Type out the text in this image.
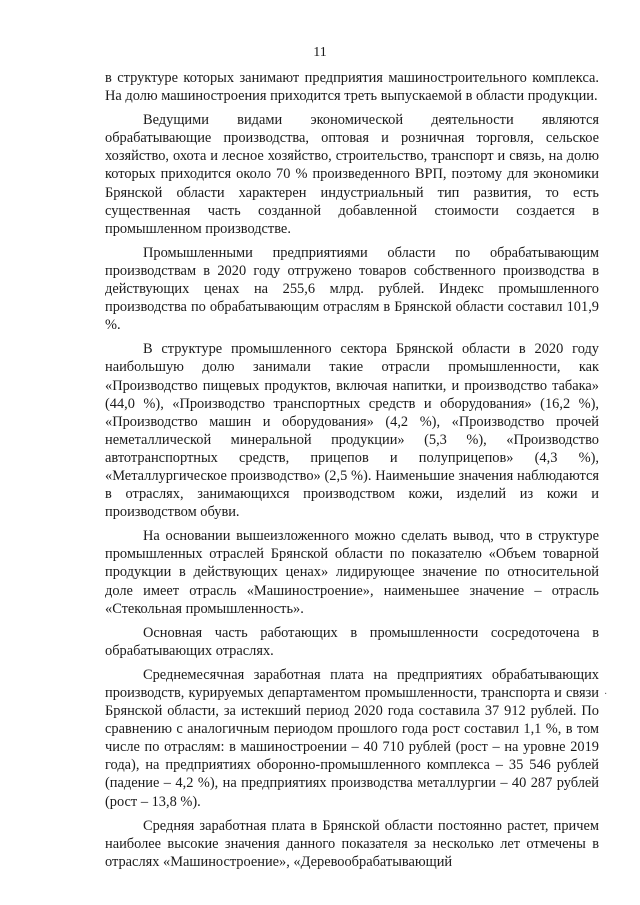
11

в структуре которых занимают предприятия машиностроительного комплекса. На долю машиностроения приходится треть выпускаемой в области продукции.

Ведущими видами экономической деятельности являются обрабатывающие производства, оптовая и розничная торговля, сельское хозяйство, охота и лесное хозяйство, строительство, транспорт и связь, на долю которых приходится около 70 % произведенного ВРП, поэтому для экономики Брянской области характерен индустриальный тип развития, то есть существенная часть созданной добавленной стоимости создается в промышленном производстве.

Промышленными предприятиями области по обрабатывающим производствам в 2020 году отгружено товаров собственного производства в действующих ценах на 255,6 млрд. рублей. Индекс промышленного производства по обрабатывающим отраслям в Брянской области составил 101,9 %.

В структуре промышленного сектора Брянской области в 2020 году наибольшую долю занимали такие отрасли промышленности, как «Производство пищевых продуктов, включая напитки, и производство табака» (44,0 %), «Производство транспортных средств и оборудования» (16,2 %), «Производство машин и оборудования» (4,2 %), «Производство прочей неметаллической минеральной продукции» (5,3 %), «Производство автотранспортных средств, прицепов и полуприцепов» (4,3 %), «Металлургическое производство» (2,5 %). Наименьшие значения наблюдаются в отраслях, занимающихся производством кожи, изделий из кожи и производством обуви.

На основании вышеизложенного можно сделать вывод, что в структуре промышленных отраслей Брянской области по показателю «Объем товарной продукции в действующих ценах» лидирующее значение по относительной доле имеет отрасль «Машиностроение», наименьшее значение – отрасль «Стекольная промышленность».

Основная часть работающих в промышленности сосредоточена в обрабатывающих отраслях.

Среднемесячная заработная плата на предприятиях обрабатывающих производств, курируемых департаментом промышленности, транспорта и связи Брянской области, за истекший период 2020 года составила 37 912 рублей. По сравнению с аналогичным периодом прошлого года рост составил 1,1 %, в том числе по отраслям: в машиностроении – 40 710 рублей (рост – на уровне 2019 года), на предприятиях оборонно-промышленного комплекса – 35 546 рублей (падение – 4,2 %), на предприятиях производства металлургии – 40 287 рублей (рост – 13,8 %).

Средняя заработная плата в Брянской области постоянно растет, причем наиболее высокие значения данного показателя за несколько лет отмечены в отраслях «Машиностроение», «Деревообрабатывающий

·
